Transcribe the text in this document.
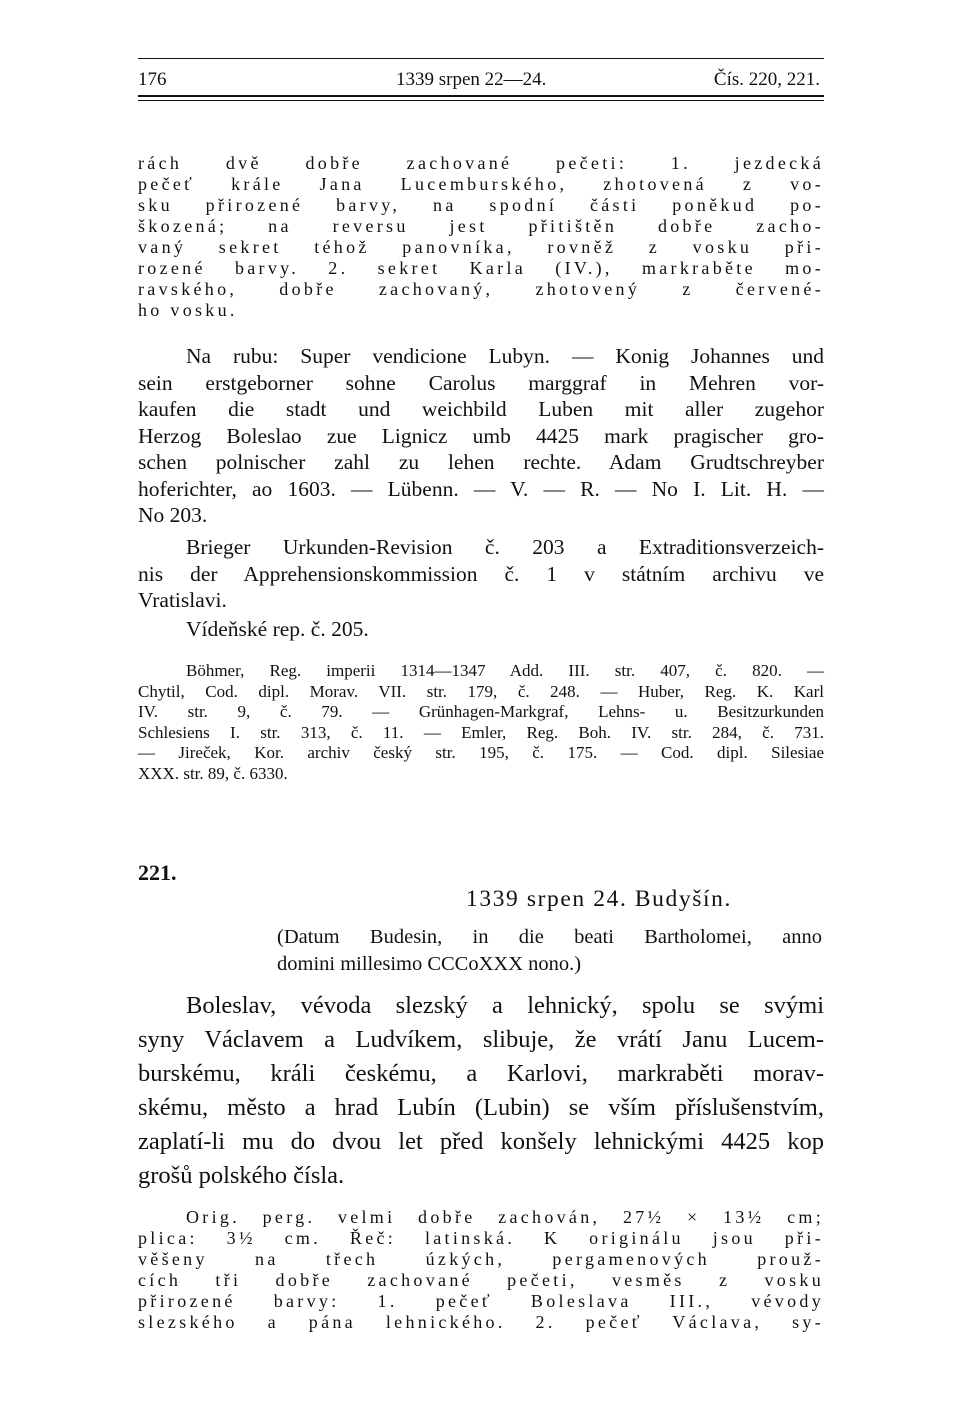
176	1339 srpen 22—24.	Čís. 220, 221.
rách dvě dobře zachované pečeti: 1. jezdecká
pečeť krále Jana Lucemburského, zhotovená z vo-
sku přirozené barvy, na spodní části poněkud po-
škozená; na reversu jest přitištěn dobře zacho-
vaný sekret téhož panovníka, rovněž z vosku při-
rozené barvy. 2. sekret Karla (IV.), markraběte mo-
ravského, dobře zachovaný, zhotovený z červené-
ho vosku.
Na rubu: Super vendicione Lubyn. — Konig Johannes und
sein erstgeborner sohne Carolus marggraf in Mehren vor-
kaufen die stadt und weichbild Luben mit aller zugehor
Herzog Boleslao zue Lignicz umb 4425 mark pragischer gro-
schen polnischer zahl zu lehen rechte. Adam Grudtschreyber
hoferichter, ao 1603. — Lübenn. — V. — R. — No I. Lit. H. —
No 203.
Brieger Urkunden-Revision č. 203 a Extraditionsverzeich-
nis der Apprehensionskommission č. 1 v státním archivu ve
Vratislavi.
Vídeňské rep. č. 205.
Böhmer, Reg. imperii 1314—1347 Add. III. str. 407, č. 820. —
Chytil, Cod. dipl. Morav. VII. str. 179, č. 248. — Huber, Reg. K. Karl
IV. str. 9, č. 79. — Grünhagen-Markgraf, Lehns- u. Besitzurkunden
Schlesiens I. str. 313, č. 11. — Emler, Reg. Boh. IV. str. 284, č. 731.
— Jireček, Kor. archiv český str. 195, č. 175. — Cod. dipl. Silesiae
XXX. str. 89, č. 6330.
221.
1339 srpen 24. Budyšín.
(Datum Budesin, in die beati Bartholomei, anno
domini millesimo CCCoXXX nono.)
Boleslav, vévoda slezský a lehnický, spolu se svými
syny Václavem a Ludvíkem, slibuje, že vrátí Janu Lucem-
burskému, králi českému, a Karlovi, markraběti morav-
skému, město a hrad Lubín (Lubin) se vším příslušenstvím,
zaplatí-li mu do dvou let před konšely lehnickými 4425 kop
grošů polského čísla.
Orig. perg. velmi dobře zachován, 27½ × 13½ cm;
plica: 3½ cm. Řeč: latinská. K originálu jsou při-
věšeny na třech úzkých, pergamenových prouž-
cích tři dobře zachované pečeti, vesměs z vosku
přirozené barvy: 1. pečeť Boleslava III., vévody
slezského a pána lehnického. 2. pečeť Václava, sy-
